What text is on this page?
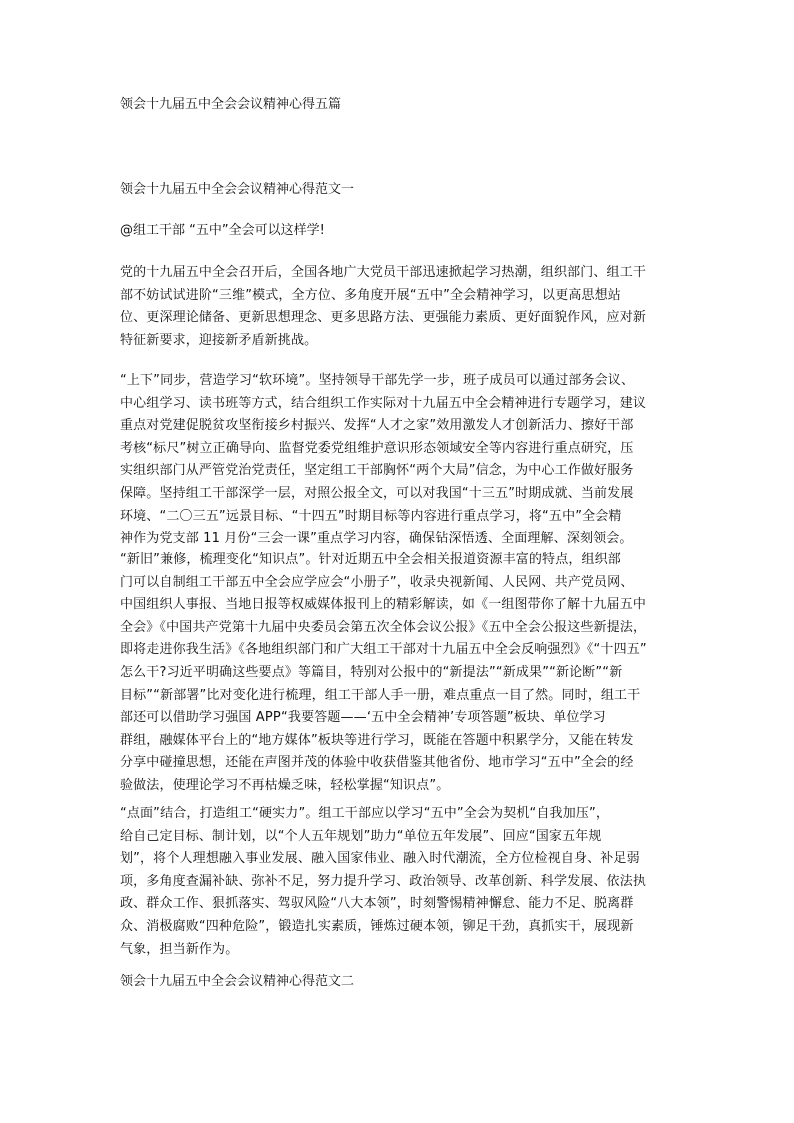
领会十九届五中全会会议精神心得五篇

领会十九届五中全会会议精神心得范文一

@组工干部 “五中”全会可以这样学!

党的十九届五中全会召开后，全国各地广大党员干部迅速掀起学习热潮，组织部门、组工干

部不妨试试进阶“三维”模式，全方位、多角度开展“五中”全会精神学习，以更高思想站

位、更深理论储备、更新思想理念、更多思路方法、更强能力素质、更好面貌作风，应对新

特征新要求，迎接新矛盾新挑战。

“上下”同步，营造学习“软环境”。坚持领导干部先学一步，班子成员可以通过部务会议、

中心组学习、读书班等方式，结合组织工作实际对十九届五中全会精神进行专题学习，建议

重点对党建促脱贫攻坚衔接乡村振兴、发挥“人才之家”效用激发人才创新活力、擦好干部

考核“标尺”树立正确导向、监督党委党组维护意识形态领域安全等内容进行重点研究，压

实组织部门从严管党治党责任，坚定组工干部胸怀“两个大局”信念，为中心工作做好服务

保障。坚持组工干部深学一层，对照公报全文，可以对我国“十三五”时期成就、当前发展

环境、“二〇三五”远景目标、“十四五”时期目标等内容进行重点学习，将“五中”全会精

神作为党支部 11 月份“三会一课”重点学习内容，确保钻深悟透、全面理解、深刻领会。

“新旧”兼修，梳理变化“知识点”。针对近期五中全会相关报道资源丰富的特点，组织部

门可以自制组工干部五中全会应学应会“小册子”，收录央视新闻、人民网、共产党员网、

中国组织人事报、当地日报等权威媒体报刊上的精彩解读，如《一组图带你了解十九届五中

全会》《中国共产党第十九届中央委员会第五次全体会议公报》《五中全会公报这些新提法，

即将走进你我生活》《各地组织部门和广大组工干部对十九届五中全会反响强烈》《“十四五”

怎么干?习近平明确这些要点》等篇目，特别对公报中的“新提法”“新成果”“新论断”“新

目标”“新部署”比对变化进行梳理，组工干部人手一册，难点重点一目了然。同时，组工干

部还可以借助学习强国 APP“我要答题——‘五中全会精神’专项答题”板块、单位学习

群组，融媒体平台上的“地方媒体”板块等进行学习，既能在答题中积累学分，又能在转发

分享中碰撞思想，还能在声图并茂的体验中收获借鉴其他省份、地市学习“五中”全会的经

验做法，使理论学习不再枯燥乏味，轻松掌握“知识点”。

“点面”结合，打造组工“硬实力”。组工干部应以学习“五中”全会为契机“自我加压”，

给自己定目标、制计划，以“个人五年规划”助力“单位五年发展”、回应“国家五年规

划”，将个人理想融入事业发展、融入国家伟业、融入时代潮流，全方位检视自身、补足弱

项，多角度查漏补缺、弥补不足，努力提升学习、政治领导、改革创新、科学发展、依法执

政、群众工作、狠抓落实、驾驭风险“八大本领”，时刻警惕精神懈怠、能力不足、脱离群

众、消极腐败“四种危险”，锻造扎实素质，锤炼过硬本领，铆足干劲，真抓实干，展现新

气象，担当新作为。

领会十九届五中全会会议精神心得范文二
